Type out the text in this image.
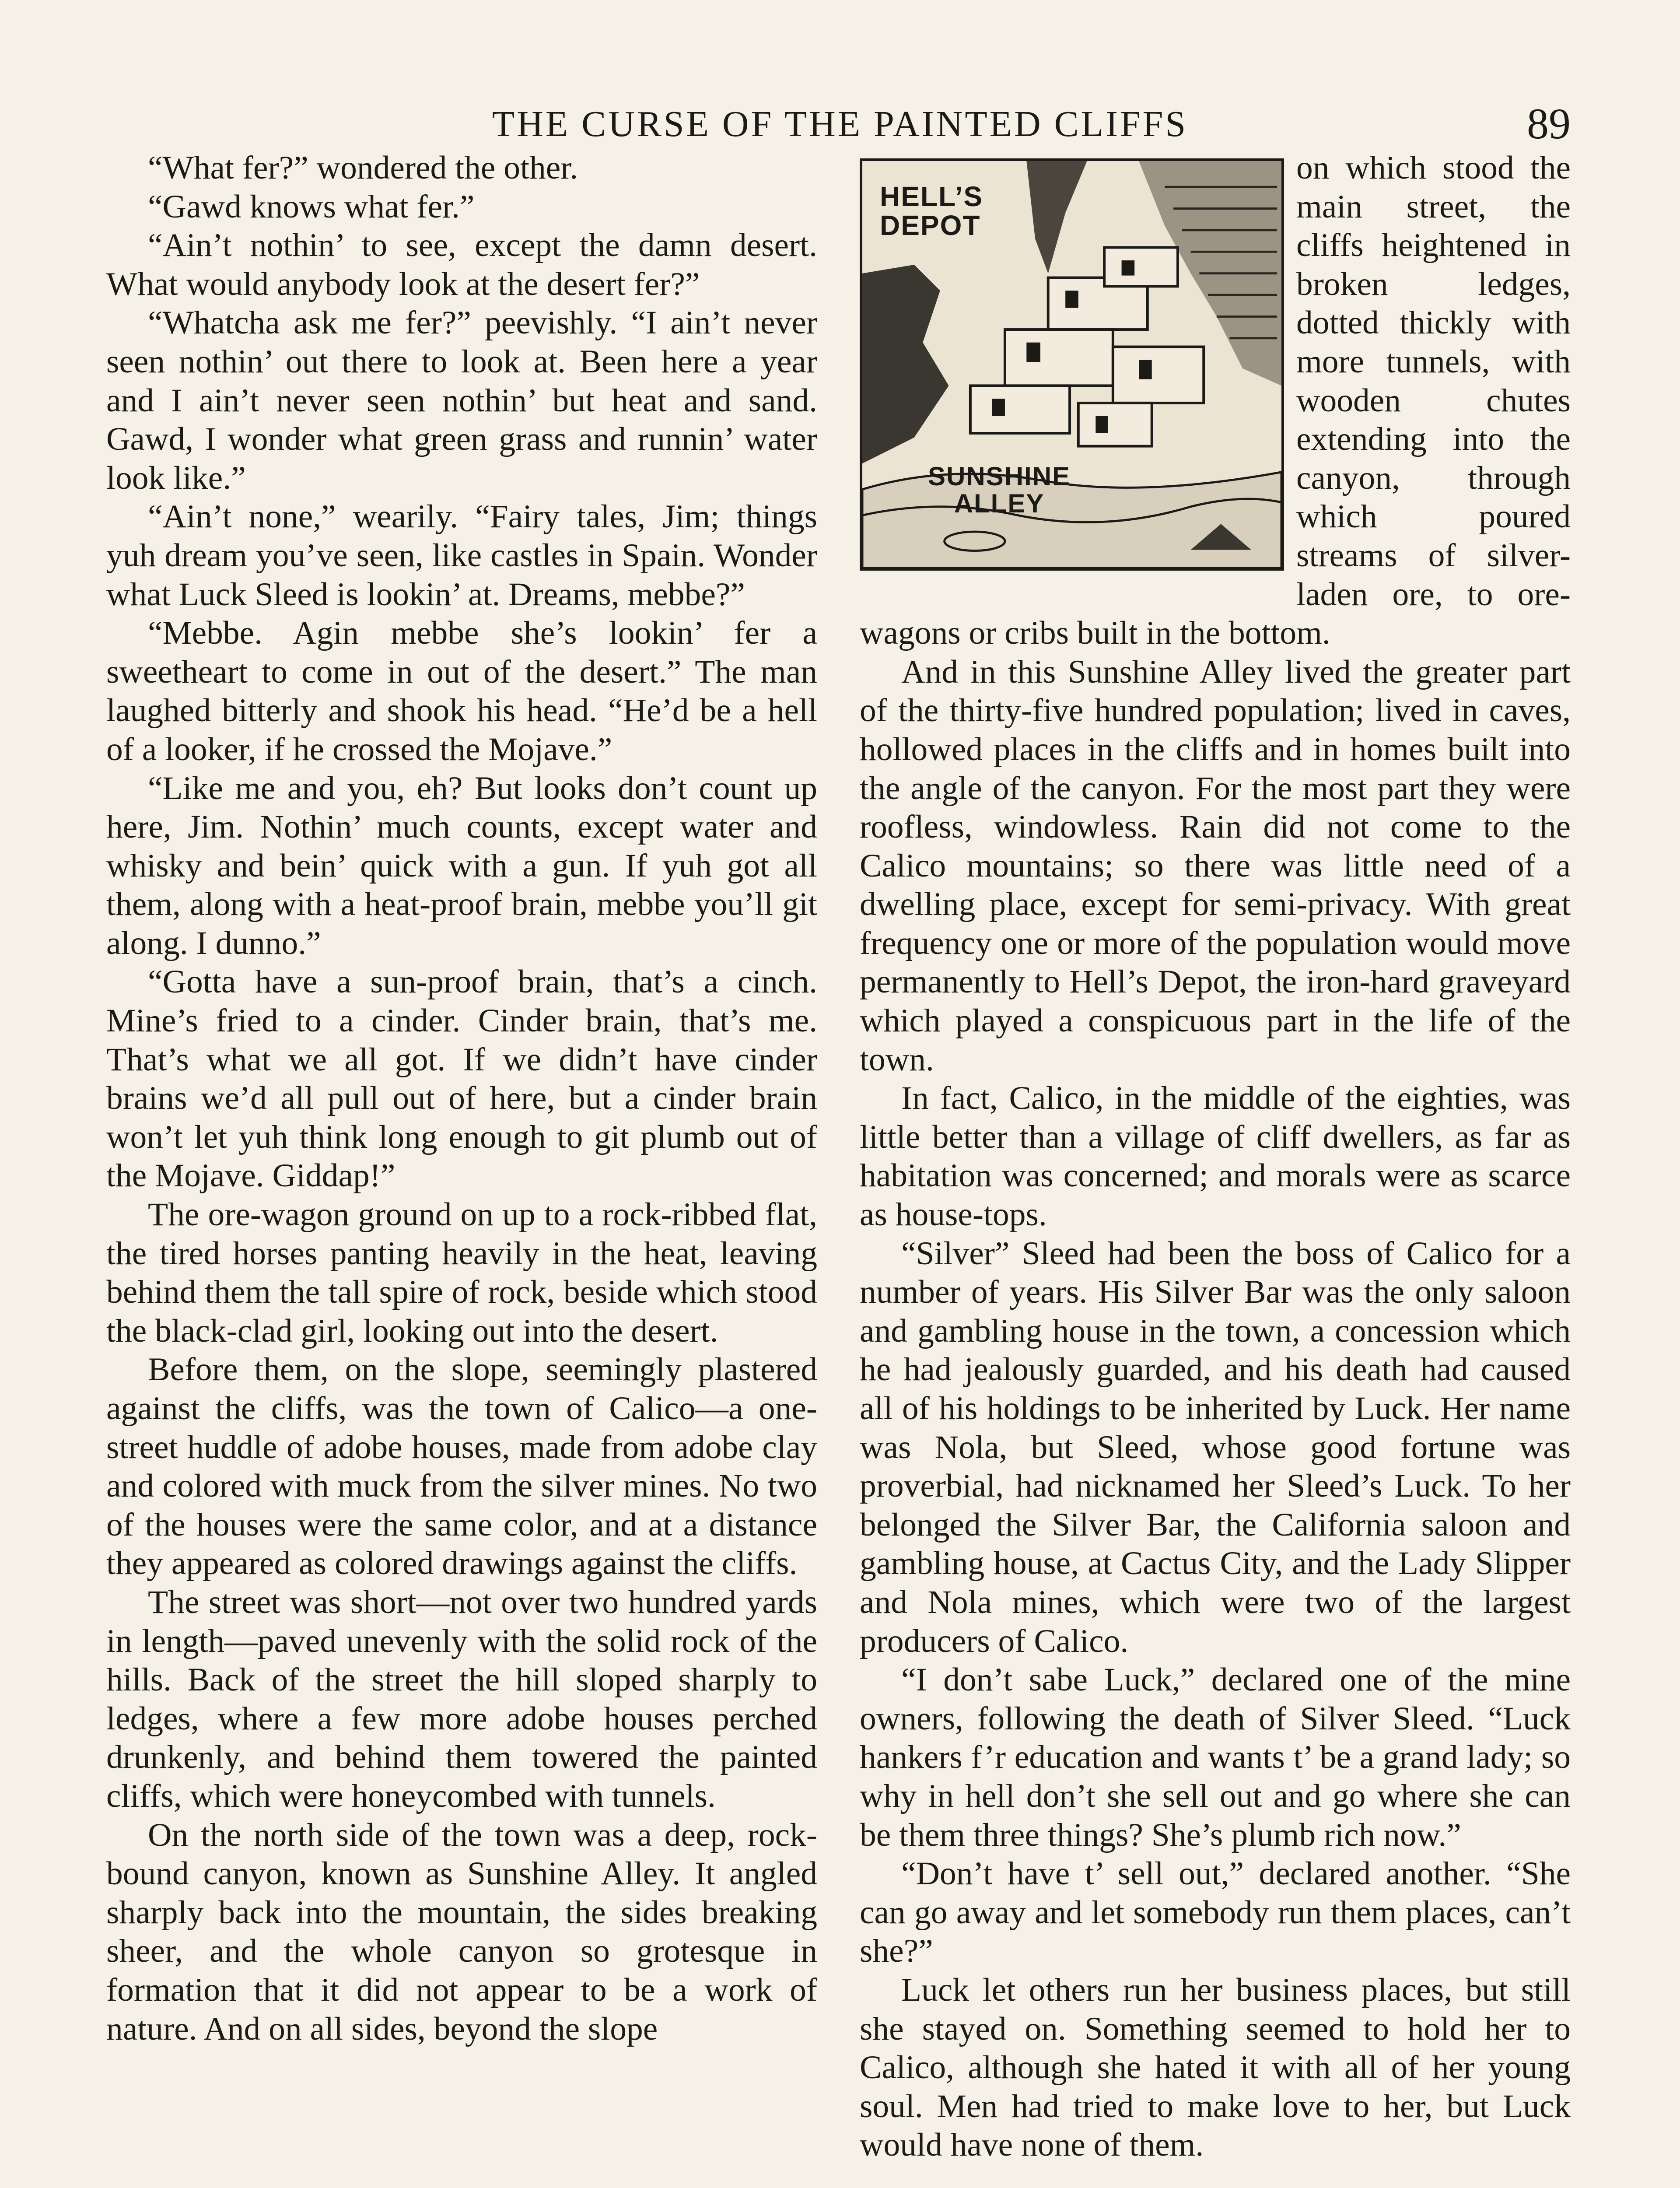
THE CURSE OF THE PAINTED CLIFFS	89

“What fer?” wondered the other.

“Gawd knows what fer.”

“Ain’t nothin’ to see, except the damn desert. What would anybody look at the desert fer?”

“Whatcha ask me fer?” peevishly. “I ain’t never seen nothin’ out there to look at. Been here a year and I ain’t never seen nothin’ but heat and sand. Gawd, I wonder what green grass and runnin’ water look like.”

“Ain’t none,” wearily. “Fairy tales, Jim; things yuh dream you’ve seen, like castles in Spain. Wonder what Luck Sleed is lookin’ at. Dreams, mebbe?”

“Mebbe. Agin mebbe she’s lookin’ fer a sweetheart to come in out of the desert.” The man laughed bitterly and shook his head. “He’d be a hell of a looker, if he crossed the Mojave.”

“Like me and you, eh? But looks don’t count up here, Jim. Nothin’ much counts, except water and whisky and bein’ quick with a gun. If yuh got all them, along with a heat-proof brain, mebbe you’ll git along. I dunno.”

“Gotta have a sun-proof brain, that’s a cinch. Mine’s fried to a cinder. Cinder brain, that’s me. That’s what we all got. If we didn’t have cinder brains we’d all pull out of here, but a cinder brain won’t let yuh think long enough to git plumb out of the Mojave. Giddap!”

The ore-wagon ground on up to a rock-ribbed flat, the tired horses panting heavily in the heat, leaving behind them the tall spire of rock, beside which stood the black-clad girl, looking out into the desert.

Before them, on the slope, seemingly plastered against the cliffs, was the town of Calico—a one-street huddle of adobe houses, made from adobe clay and colored with muck from the silver mines. No two of the houses were the same color, and at a distance they appeared as colored drawings against the cliffs.

The street was short—not over two hundred yards in length—paved unevenly with the solid rock of the hills. Back of the street the hill sloped sharply to ledges, where a few more adobe houses perched drunkenly, and behind them towered the painted cliffs, which were honeycombed with tunnels.

On the north side of the town was a deep, rock-bound canyon, known as Sunshine Alley. It angled sharply back into the mountain, the sides breaking sheer, and the whole canyon so grotesque in formation that it did not appear to be a work of nature. And on all sides, beyond the slope

HELL’S
DEPOT
SUNSHINE
ALLEY

on which stood the main street, the cliffs heightened in broken ledges, dotted thickly with more tunnels, with wooden chutes extending into the canyon, through which poured streams of silver-laden ore, to ore-wagons or cribs built in the bottom.

And in this Sunshine Alley lived the greater part of the thirty-five hundred population; lived in caves, hollowed places in the cliffs and in homes built into the angle of the canyon. For the most part they were roofless, windowless. Rain did not come to the Calico mountains; so there was little need of a dwelling place, except for semi-privacy. With great frequency one or more of the population would move permanently to Hell’s Depot, the iron-hard graveyard which played a conspicuous part in the life of the town.

In fact, Calico, in the middle of the eighties, was little better than a village of cliff dwellers, as far as habitation was concerned; and morals were as scarce as house-tops.

“Silver” Sleed had been the boss of Calico for a number of years. His Silver Bar was the only saloon and gambling house in the town, a concession which he had jealously guarded, and his death had caused all of his holdings to be inherited by Luck. Her name was Nola, but Sleed, whose good fortune was proverbial, had nicknamed her Sleed’s Luck. To her belonged the Silver Bar, the California saloon and gambling house, at Cactus City, and the Lady Slipper and Nola mines, which were two of the largest producers of Calico.

“I don’t sabe Luck,” declared one of the mine owners, following the death of Silver Sleed. “Luck hankers f’r education and wants t’ be a grand lady; so why in hell don’t she sell out and go where she can be them three things? She’s plumb rich now.”

“Don’t have t’ sell out,” declared another. “She can go away and let somebody run them places, can’t she?”

Luck let others run her business places, but still she stayed on. Something seemed to hold her to Calico, although she hated it with all of her young soul. Men had tried to make love to her, but Luck would have none of them.
